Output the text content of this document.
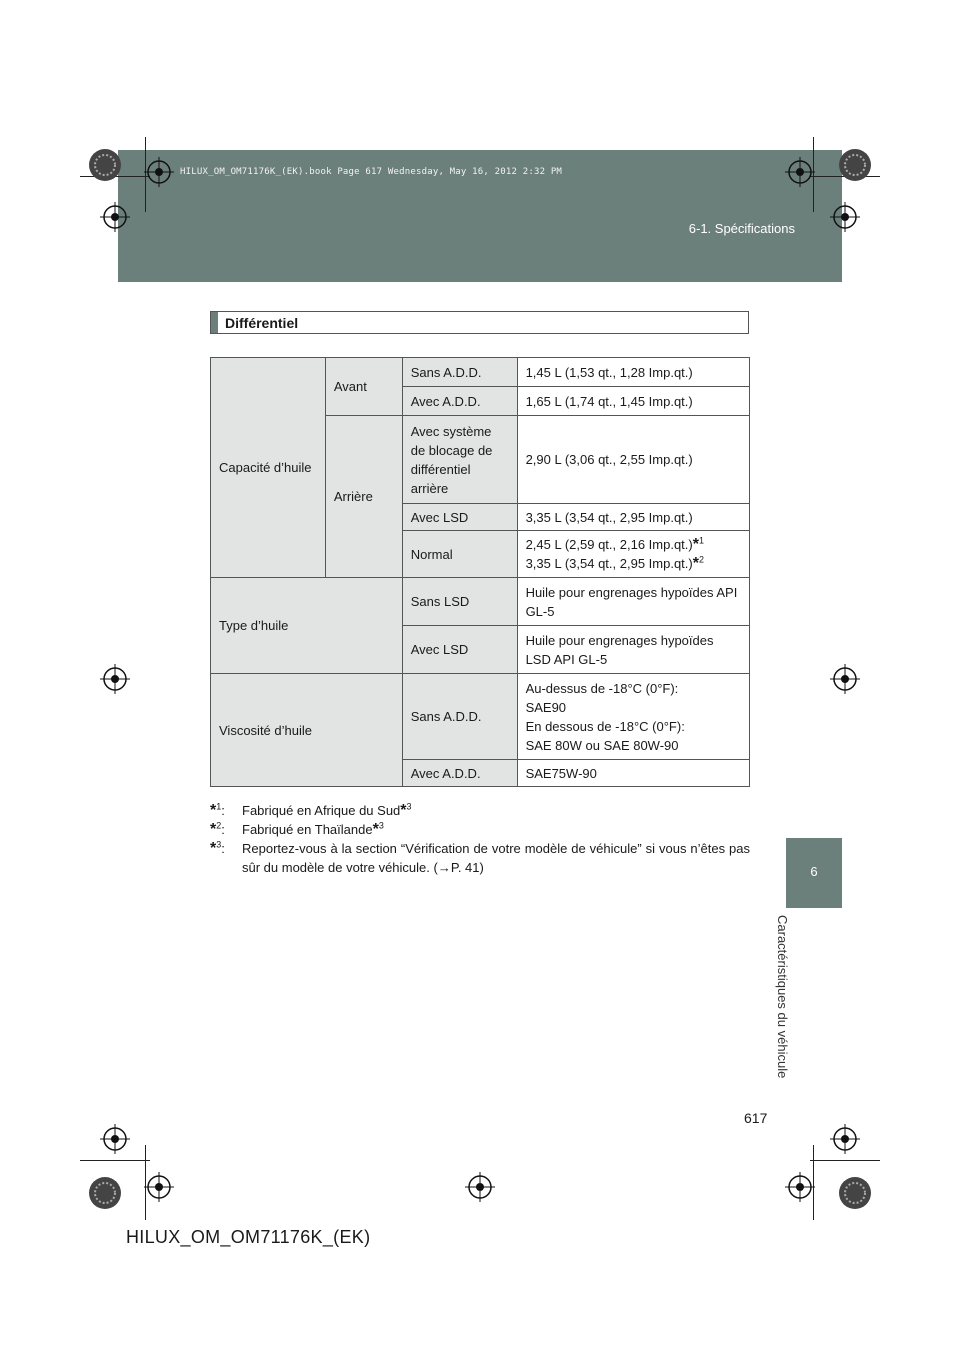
HILUX_OM_OM71176K_(EK).book Page 617 Wednesday, May 16, 2012 2:32 PM
6-1. Spécifications
6
Caractéristiques du véhicule
Différentiel
Capacité d’huile	Avant	Sans A.D.D.	1,45 L (1,53 qt., 1,28 Imp.qt.)
		Avec A.D.D.	1,65 L (1,74 qt., 1,45 Imp.qt.)
	Arrière	Avec système de blocage de différentiel arrière	2,90 L (3,06 qt., 2,55 Imp.qt.)
		Avec LSD	3,35 L (3,54 qt., 2,95 Imp.qt.)
		Normal	2,45 L (2,59 qt., 2,16 Imp.qt.)*$^1$
3,35 L (3,54 qt., 2,95 Imp.qt.)*$^2$

Type d’huile		Sans LSD	Huile pour engrenages hypoïdes API GL-5
		Avec LSD	Huile pour engrenages hypoïdes LSD API GL-5
Viscosité d’huile		Sans A.D.D.	Au-dessus de -18°C (0°F):
SAE90
En dessous de -18°C (0°F):
SAE 80W ou SAE 80W-90
		Avec A.D.D.	SAE75W-90
*$^1$: Fabriqué en Afrique du Sud*$^3$
*$^2$: Fabriqué en Thaïlande*$^3$
*$^3$: Reportez-vous à la section “Vérification de votre modèle de véhicule” si vous n’êtes pas sûr du modèle de votre véhicule. (→P. 41)
617
HILUX_OM_OM71176K_(EK)
